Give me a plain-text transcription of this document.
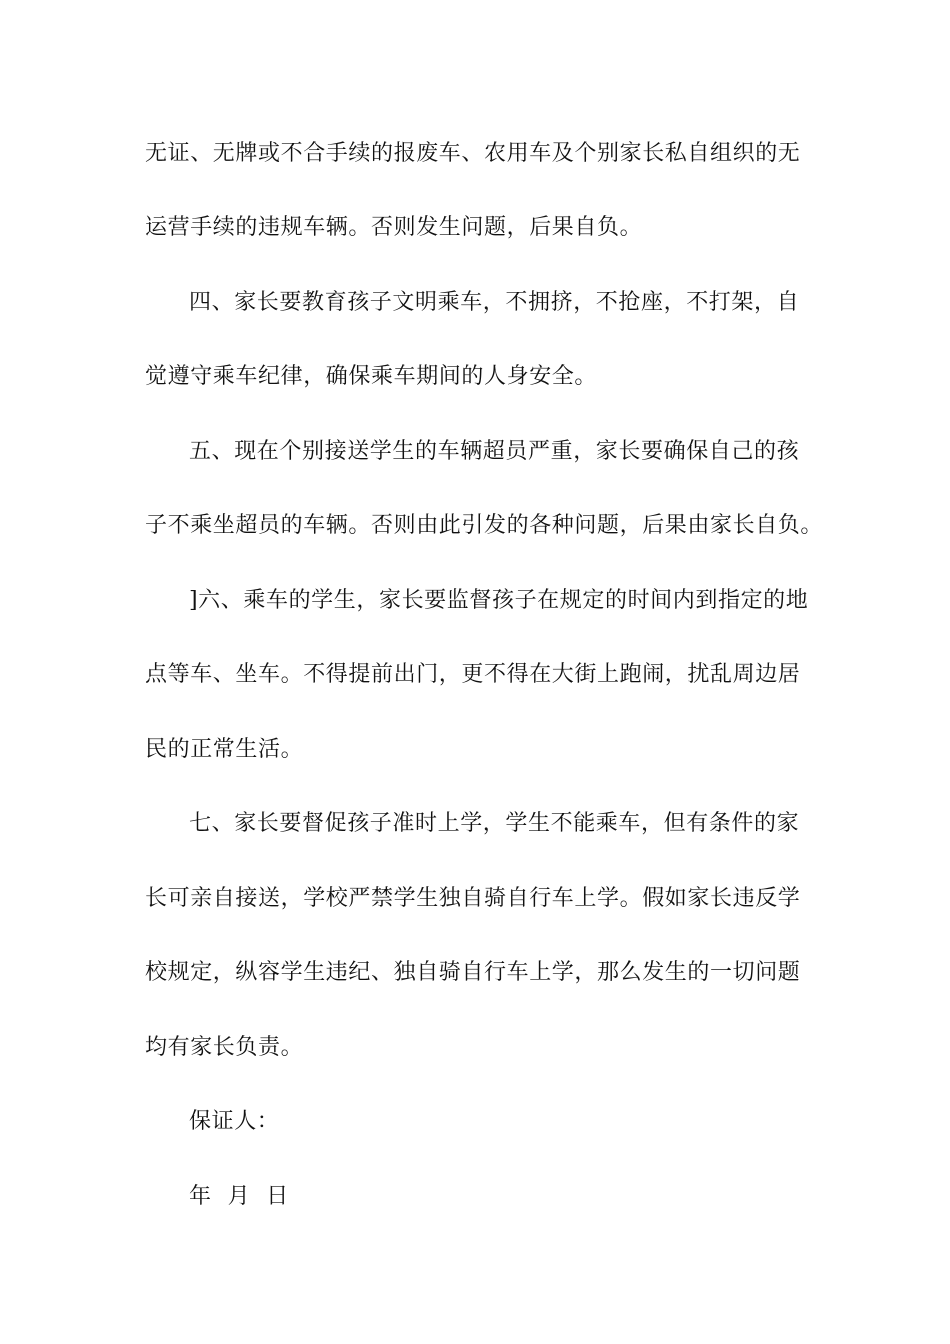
无证、无牌或不合手续的报废车、农用车及个别家长私自组织的无
运营手续的违规车辆。否则发生问题，后果自负。
四、家长要教育孩子文明乘车，不拥挤，不抢座，不打架，自
觉遵守乘车纪律，确保乘车期间的人身安全。
五、现在个别接送学生的车辆超员严重，家长要确保自己的孩
子不乘坐超员的车辆。否则由此引发的各种问题，后果由家长自负。
]六、乘车的学生，家长要监督孩子在规定的时间内到指定的地
点等车、坐车。不得提前出门，更不得在大街上跑闹，扰乱周边居
民的正常生活。
七、家长要督促孩子准时上学，学生不能乘车，但有条件的家
长可亲自接送，学校严禁学生独自骑自行车上学。假如家长违反学
校规定，纵容学生违纪、独自骑自行车上学，那么发生的一切问题
均有家长负责。
保证人：
年 月 日
